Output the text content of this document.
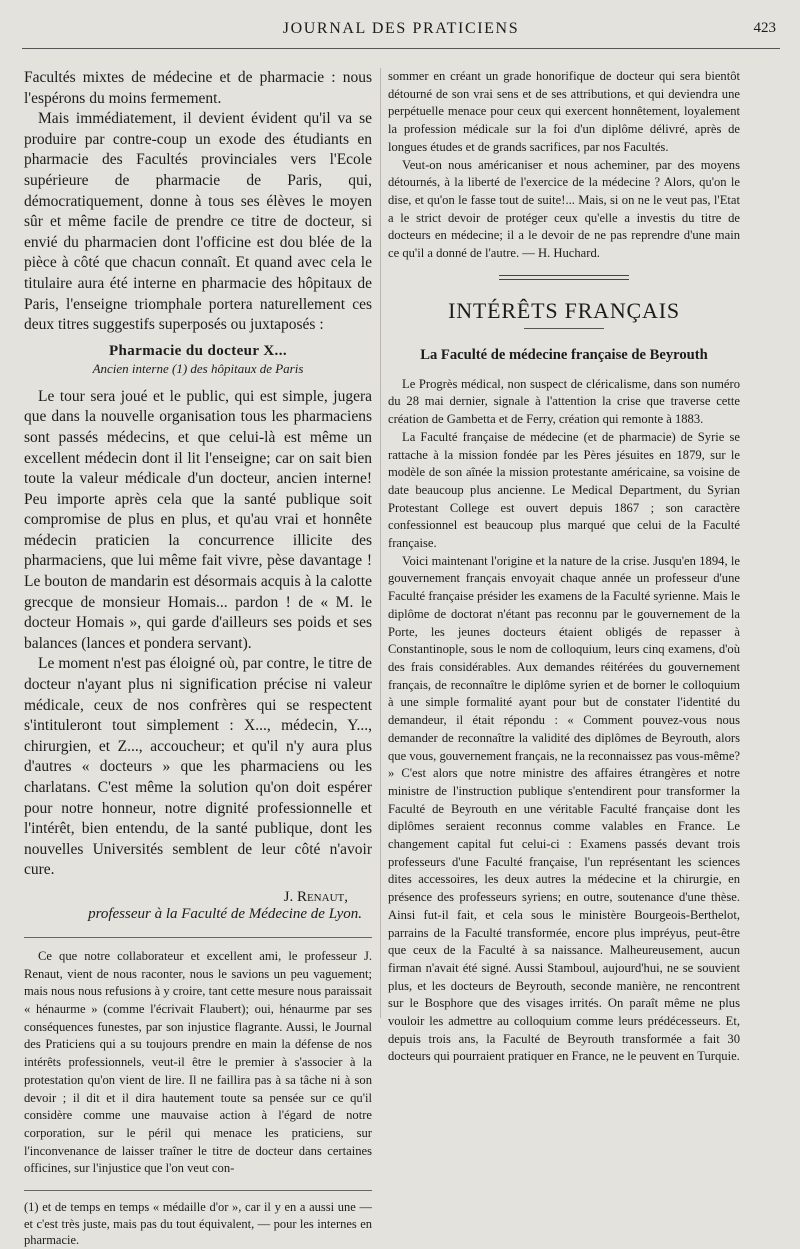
JOURNAL DES PRATICIENS	423

Facultés mixtes de médecine et de pharmacie : nous l'espérons du moins fermement.

Mais immédiatement, il devient évident qu'il va se produire par contre-coup un exode des étudiants en pharmacie des Facultés provinciales vers l'Ecole supérieure de pharmacie de Paris, qui, démocratiquement, donne à tous ses élèves le moyen sûr et même facile de prendre ce titre de docteur, si envié du pharmacien dont l'officine est dou blée de la pièce à côté que chacun connaît. Et quand avec cela le titulaire aura été interne en pharmacie des hôpitaux de Paris, l'enseigne triomphale portera naturellement ces deux titres suggestifs superposés ou juxtaposés :

Pharmacie du docteur X...
Ancien interne (1) des hôpitaux de Paris

Le tour sera joué et le public, qui est simple, jugera que dans la nouvelle organisation tous les pharmaciens sont passés médecins, et que celui-là est même un excellent médecin dont il lit l'enseigne; car on sait bien toute la valeur médicale d'un docteur, ancien interne! Peu importe après cela que la santé publique soit compromise de plus en plus, et qu'au vrai et honnête médecin praticien la concurrence illicite des pharmaciens, que lui même fait vivre, pèse davantage ! Le bouton de mandarin est désormais acquis à la calotte grecque de monsieur Homais... pardon ! de « M. le docteur Homais », qui garde d'ailleurs ses poids et ses balances (lances et pondera servant).

Le moment n'est pas éloigné où, par contre, le titre de docteur n'ayant plus ni signification précise ni valeur médicale, ceux de nos confrères qui se respectent s'intituleront tout simplement : X..., médecin, Y..., chirurgien, et Z..., accoucheur; et qu'il n'y aura plus d'autres « docteurs » que les pharmaciens ou les charlatans. C'est même la solution qu'on doit espérer pour notre honneur, notre dignité professionnelle et l'intérêt, bien entendu, de la santé publique, dont les nouvelles Universités semblent de leur côté n'avoir cure.

J. Renaut,
professeur à la Faculté de Médecine de Lyon.

Ce que notre collaborateur et excellent ami, le professeur J. Renaut, vient de nous raconter, nous le savions un peu vaguement; mais nous nous refusions à y croire, tant cette mesure nous paraissait « hénaurme » (comme l'écrivait Flaubert); oui, hénaurme par ses conséquences funestes, par son injustice flagrante. Aussi, le Journal des Praticiens qui a su toujours prendre en main la défense de nos intérêts professionnels, veut-il être le premier à s'associer à la protestation qu'on vient de lire. Il ne faillira pas à sa tâche ni à son devoir ; il dit et il dira hautement toute sa pensée sur ce qu'il considère comme une mauvaise action à l'égard de notre corporation, sur le péril qui menace les praticiens, sur l'inconvenance de laisser traîner le titre de docteur dans certaines officines, sur l'injustice que l'on veut con-

(1) et de temps en temps « médaille d'or », car il y en a aussi une — et c'est très juste, mais pas du tout équivalent, — pour les internes en pharmacie.

sommer en créant un grade honorifique de docteur qui sera bientôt détourné de son vrai sens et de ses attributions, et qui deviendra une perpétuelle menace pour ceux qui exercent honnêtement, loyalement la profession médicale sur la foi d'un diplôme délivré, après de longues études et de grands sacrifices, par nos Facultés.

Veut-on nous américaniser et nous acheminer, par des moyens détournés, à la liberté de l'exercice de la médecine ? Alors, qu'on le dise, et qu'on le fasse tout de suite!... Mais, si on ne le veut pas, l'Etat a le strict devoir de protéger ceux qu'elle a investis du titre de docteurs en médecine; il a le devoir de ne pas reprendre d'une main ce qu'il a donné de l'autre. — H. Huchard.

INTÉRÊTS FRANÇAIS
La Faculté de médecine française de Beyrouth

Le Progrès médical, non suspect de cléricalisme, dans son numéro du 28 mai dernier, signale à l'attention la crise que traverse cette création de Gambetta et de Ferry, création qui remonte à 1883.

La Faculté française de médecine (et de pharmacie) de Syrie se rattache à la mission fondée par les Pères jésuites en 1879, sur le modèle de son aînée la mission protestante américaine, sa voisine de date beaucoup plus ancienne. Le Medical Department, du Syrian Protestant College est ouvert depuis 1867 ; son caractère confessionnel est beaucoup plus marqué que celui de la Faculté française.

Voici maintenant l'origine et la nature de la crise. Jusqu'en 1894, le gouvernement français envoyait chaque année un professeur d'une Faculté française présider les examens de la Faculté syrienne. Mais le diplôme de doctorat n'étant pas reconnu par le gouvernement de la Porte, les jeunes docteurs étaient obligés de repasser à Constantinople, sous le nom de colloquium, leurs cinq examens, d'où des frais considérables. Aux demandes réitérées du gouvernement français, de reconnaître le diplôme syrien et de borner le colloquium à une simple formalité ayant pour but de constater l'identité du demandeur, il était répondu : « Comment pouvez-vous nous demander de reconnaître la validité des diplômes de Beyrouth, alors que vous, gouvernement français, ne la reconnaissez pas vous-même? » C'est alors que notre ministre des affaires étrangères et notre ministre de l'instruction publique s'entendirent pour transformer la Faculté de Beyrouth en une véritable Faculté française dont les diplômes seraient reconnus comme valables en France. Le changement capital fut celui-ci : Examens passés devant trois professeurs d'une Faculté française, l'un représentant les sciences dites accessoires, les deux autres la médecine et la chirurgie, en présence des professeurs syriens; en outre, soutenance d'une thèse. Ainsi fut-il fait, et cela sous le ministère Bourgeois-Berthelot, parrains de la Faculté transformée, encore plus impréyus, peut-être que ceux de la Faculté à sa naissance. Malheureusement, aucun firman n'avait été signé. Aussi Stamboul, aujourd'hui, ne se souvient plus, et les docteurs de Beyrouth, seconde manière, ne rencontrent sur le Bosphore que des visages irrités. On paraît même ne plus vouloir les admettre au colloquium comme leurs prédécesseurs. Et, depuis trois ans, la Faculté de Beyrouth transformée a fait 30 docteurs qui pourraient pratiquer en France, ne le peuvent en Turquie.
